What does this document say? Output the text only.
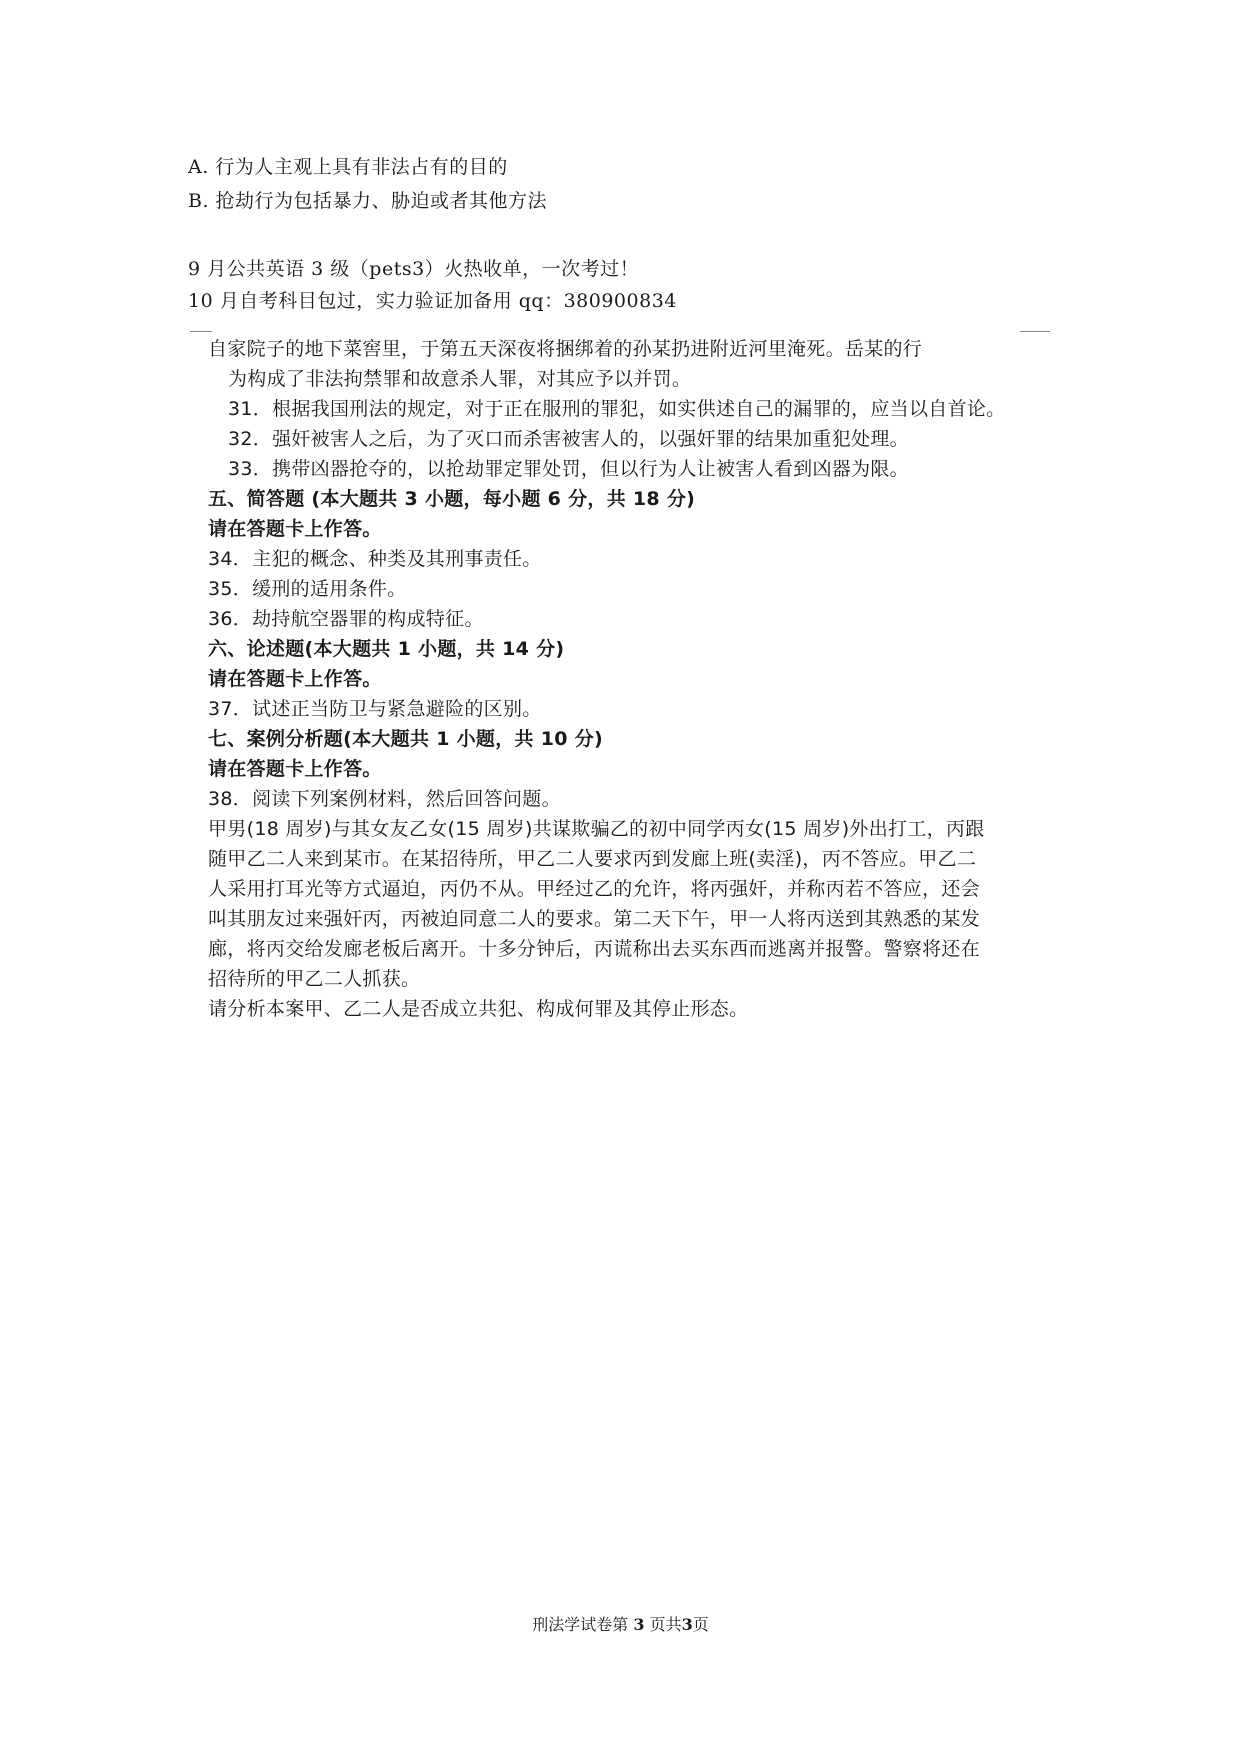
A. 行为人主观上具有非法占有的目的
B. 抢劫行为包括暴力、胁迫或者其他方法
9 月公共英语 3 级（pets3）火热收单，一次考过！
10 月自考科目包过，实力验证加备用 qq：380900834
自家院子的地下菜窖里，于第五天深夜将捆绑着的孙某扔进附近河里淹死。岳某的行
为构成了非法拘禁罪和故意杀人罪，对其应予以并罚。
31．根据我国刑法的规定，对于正在服刑的罪犯，如实供述自己的漏罪的，应当以自首论。
32．强奸被害人之后，为了灭口而杀害被害人的，以强奸罪的结果加重犯处理。
33．携带凶器抢夺的，以抢劫罪定罪处罚，但以行为人让被害人看到凶器为限。
五、简答题 (本大题共 3 小题，每小题 6 分，共 18 分)
请在答题卡上作答。
34．主犯的概念、种类及其刑事责任。
35．缓刑的适用条件。
36．劫持航空器罪的构成特征。
六、论述题(本大题共 1 小题，共 14 分)
请在答题卡上作答。
37．试述正当防卫与紧急避险的区别。
七、案例分析题(本大题共 1 小题，共 10 分)
请在答题卡上作答。
38．阅读下列案例材料，然后回答问题。
甲男(18 周岁)与其女友乙女(15 周岁)共谋欺骗乙的初中同学丙女(15 周岁)外出打工，丙跟
随甲乙二人来到某市。在某招待所，甲乙二人要求丙到发廊上班(卖淫)，丙不答应。甲乙二
人采用打耳光等方式逼迫，丙仍不从。甲经过乙的允许，将丙强奸，并称丙若不答应，还会
叫其朋友过来强奸丙，丙被迫同意二人的要求。第二天下午，甲一人将丙送到其熟悉的某发
廊，将丙交给发廊老板后离开。十多分钟后，丙谎称出去买东西而逃离并报警。警察将还在
招待所的甲乙二人抓获。
请分析本案甲、乙二人是否成立共犯、构成何罪及其停止形态。
刑法学试卷第 3 页共3页
